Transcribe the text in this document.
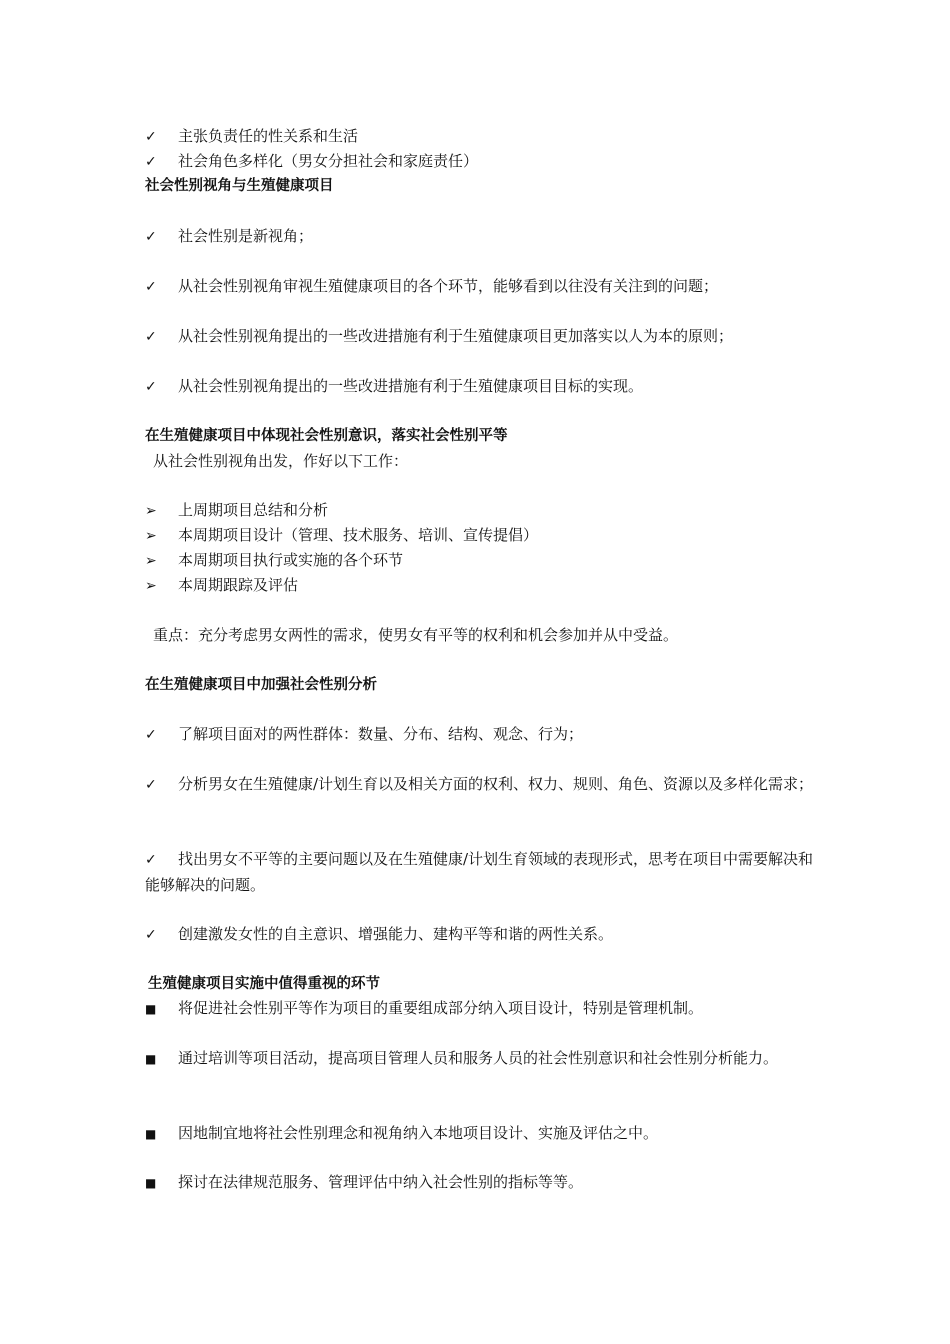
✓ 主张负责任的性关系和生活
✓ 社会角色多样化（男女分担社会和家庭责任）
社会性别视角与生殖健康项目
✓ 社会性别是新视角；
✓ 从社会性别视角审视生殖健康项目的各个环节，能够看到以往没有关注到的问题；
✓ 从社会性别视角提出的一些改进措施有利于生殖健康项目更加落实以人为本的原则；
✓ 从社会性别视角提出的一些改进措施有利于生殖健康项目目标的实现。
在生殖健康项目中体现社会性别意识，落实社会性别平等
从社会性别视角出发，作好以下工作：
➢ 上周期项目总结和分析
➢ 本周期项目设计（管理、技术服务、培训、宣传提倡）
➢ 本周期项目执行或实施的各个环节
➢ 本周期跟踪及评估
重点：充分考虑男女两性的需求，使男女有平等的权利和机会参加并从中受益。
在生殖健康项目中加强社会性别分析
✓ 了解项目面对的两性群体：数量、分布、结构、观念、行为；
✓ 分析男女在生殖健康/计划生育以及相关方面的权利、权力、规则、角色、资源以及多样化需求；
✓ 找出男女不平等的主要问题以及在生殖健康/计划生育领域的表现形式，思考在项目中需要解决和能够解决的问题。
✓ 创建激发女性的自主意识、增强能力、建构平等和谐的两性关系。
生殖健康项目实施中值得重视的环节
■ 将促进社会性别平等作为项目的重要组成部分纳入项目设计，特别是管理机制。
■ 通过培训等项目活动，提高项目管理人员和服务人员的社会性别意识和社会性别分析能力。
■ 因地制宜地将社会性别理念和视角纳入本地项目设计、实施及评估之中。
■ 探讨在法律规范服务、管理评估中纳入社会性别的指标等等。
